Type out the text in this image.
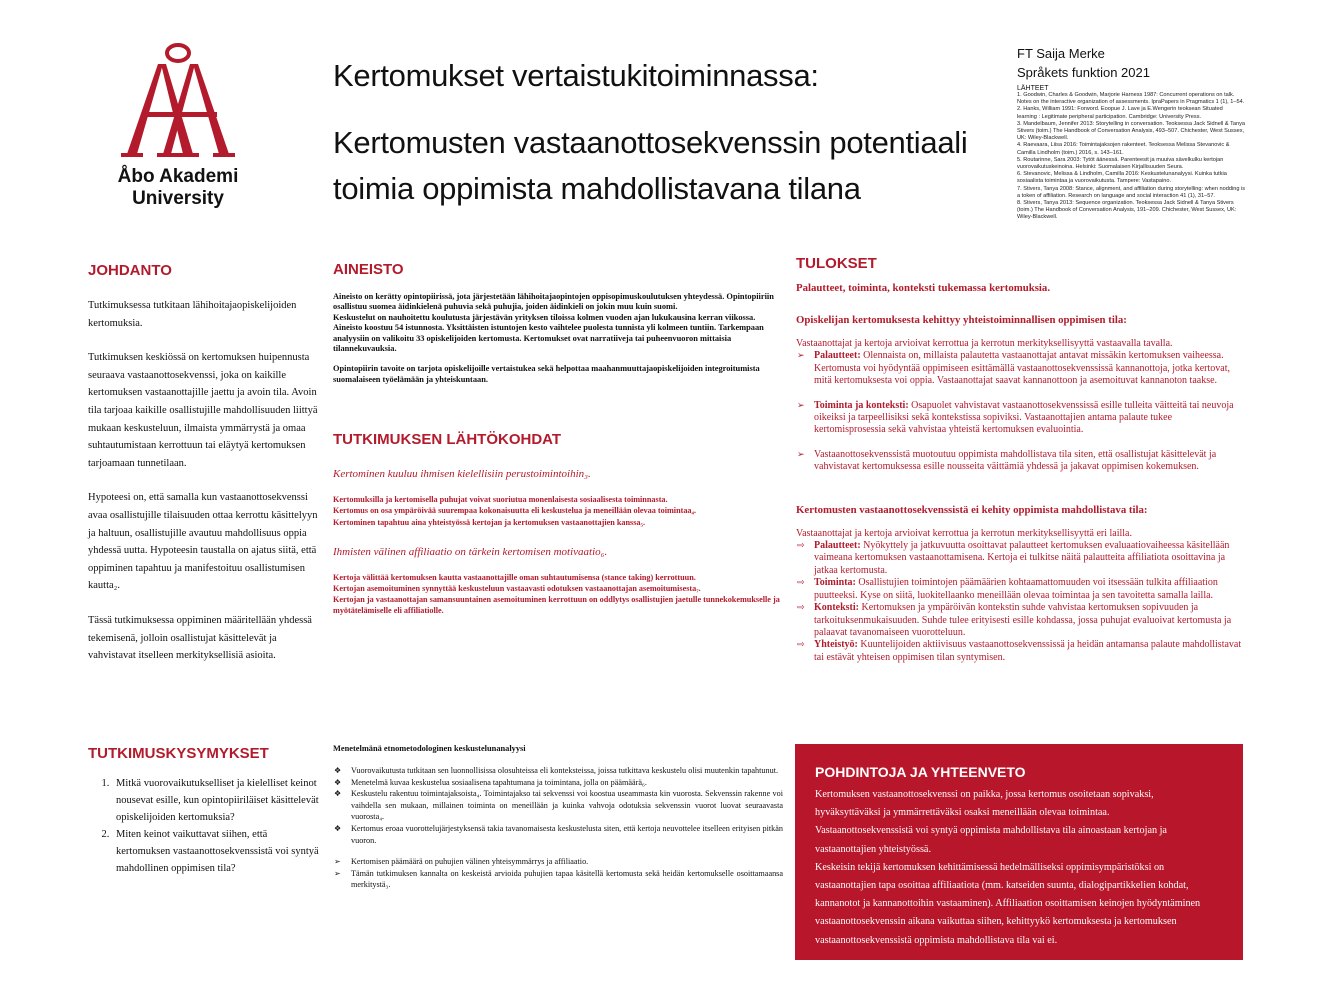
Åbo Akademi
University
Kertomukset vertaistukitoiminnassa:
Kertomusten vastaanottosekvenssin potentiaali
toimia oppimista mahdollistavana tilana
FT Saija Merke
Språkets funktion 2021
LÄHTEET
1. Goodwin, Charles & Goodwin, Marjorie Harness 1987: Concurrent operations on talk.
Notes on the interactive organization of assessments. IpraPapers in Pragmatics 1 (1), 1–54.
2. Hanks, William 1991: Forword. Eoopue J. Lave ja E.Wengerin teoksean Situated
learning : Legitimate peripheral participation. Cambridge: University Press.
3. Mandelbaum, Jennifer 2013: Storytelling in conversation. Teoksessa Jack Sidnell & Tanya
Stivers (toim.) The Handbook of Conversation Analysis, 493–507. Chichester, West Sussex,
UK: Wiley-Blackwell.
4. Raevaara, Liisa 2016: Toimintajaksojen rakenteet. Teoksessa Melissa Stevanovic &
Camilla Lindholm (toim.) 2016, s. 143–161.
5. Routarinne, Sara 2003: Tytöt äänessä. Parenteesit ja muuiva sävelkulku kertojan
vuorovaikutuskeinoina. Helsinki: Suomalaisen Kirjallisuuden Seura.
6. Stevanovic, Melissa & Lindholm, Camilla 2016: Keskustelunanalyysi. Kuinka tutkia
sosiaalista toimintaa ja vuorovaikutusta. Tampere: Vastapaino.
7. Stivers, Tanya 2008: Stance, alignment, and affiliation during storytelling: when nodding is
a token of affiliation. Research on language and social interaction 41 (1), 31–57.
8. Stivers, Tanya 2013: Sequence organization. Teoksessa Jack Sidnell & Tanya Stivers
(toim.) The Handbook of Conversation Analysis, 191–209. Chichester, West Sussex, UK:
Wiley-Blackwell.
JOHDANTO

Tutkimuksessa tutkitaan lähihoitajaopiskelijoiden kertomuksia.

Tutkimuksen keskiössä on kertomuksen huipennusta seuraava vastaanottosekvenssi, joka on kaikille kertomuksen vastaanottajille jaettu ja avoin tila. Avoin tila tarjoaa kaikille osallistujille mahdollisuuden liittyä mukaan keskusteluun, ilmaista ymmärrystä ja omaa suhtautumistaan kerrottuun tai eläytyä kertomuksen tarjoamaan tunnetilaan.

Hypoteesi on, että samalla kun vastaanottosekvenssi avaa osallistujille tilaisuuden ottaa kerrottu käsittelyyn ja haltuun, osallistujille avautuu mahdollisuus oppia yhdessä uutta. Hypoteesin taustalla on ajatus siitä, että oppiminen tapahtuu ja manifestoituu osallistumisen kautta₂.

Tässä tutkimuksessa oppiminen määritellään yhdessä tekemisenä, jolloin osallistujat käsittelevät ja vahvistavat itselleen merkityksellisiä asioita.

TUTKIMUSKYSYMYKSET
1. Mitkä vuorovaikutukselliset ja kielelliset keinot nousevat esille, kun opintopiiriläiset käsittelevät opiskelijoiden kertomuksia?
2. Miten keinot vaikuttavat siihen, että kertomuksen vastaanottosekvenssistä voi syntyä mahdollinen oppimisen tila?
AINEISTO

Aineisto on kerätty opintopiirissä, jota järjestetään lähihoitajaopintojen oppisopimuskoulutuksen yhteydessä. Opintopiiriin osallistuu suomea äidinkielenä puhuvia sekä puhujia, joiden äidinkieli on jokin muu kuin suomi.

Keskustelut on nauhoitettu koulutusta järjestävän yrityksen tiloissa kolmen vuoden ajan lukukausina kerran viikossa. Aineisto koostuu 54 istunnosta. Yksittäisten istuntojen kesto vaihtelee puolesta tunnista yli kolmeen tuntiin. Tarkempaan analyysiin on valikoitu 33 opiskelijoiden kertomusta. Kertomukset ovat narratiiveja tai puheenvuoron mittaisia tilannekuvauksia.

Opintopiirin tavoite on tarjota opiskelijoille vertaistukea sekä helpottaa maahanmuuttajaopiskelijoiden integroitumista suomalaiseen työelämään ja yhteiskuntaan.

TUTKIMUKSEN LÄHTÖKOHDAT

Kertominen kuuluu ihmisen kielellisiin perustoimintoihin₃.

Kertomuksilla ja kertomisella puhujat voivat suoriutua monenlaisesta sosiaalisesta toiminnasta.

Kertomus on osa ympäröivää suurempaa kokonaisuutta eli keskustelua ja meneillään olevaa toimintaa₄.

Kertominen tapahtuu aina yhteistyössä kertojan ja kertomuksen vastaanottajien kanssa₅.

Ihmisten välinen affiliaatio on tärkein kertomisen motivaatio₆.

Kertoja välittää kertomuksen kautta vastaanottajille oman suhtautumisensa (stance taking) kerrottuun.

Kertojan asemoituminen synnyttää keskusteluun vastaavasti odotuksen vastaanottajan asemoitumisesta₇.

Kertojan ja vastaanottajan samansuuntainen asemoituminen kerrottuun on oddlytys osallistujien jaetulle tunnekokemukselle ja myötätelämiselle eli affiliatiolle.

Menetelmänä etnometodologinen keskustelunanalyysi
❖ Vuorovaikutusta tutkitaan sen luonnollisissa olosuhteissa eli konteksteissa, joissa tutkittava keskustelu olisi muutenkin tapahtunut.
❖ Menetelmä kuvaa keskustelua sosiaalisena tapahtumana ja toimintana, jolla on päämäärä₆.
❖ Keskustelu rakentuu toimintajaksoista₄. Toimintajakso tai sekvenssi voi koostua useammasta kin vuorosta. Sekvenssin rakenne voi vaihdella sen mukaan, millainen toiminta on meneillään ja kuinka vahvoja odotuksia sekvenssin vuorot luovat seuraavasta vuorosta₄.
❖ Kertomus eroaa vuorottelujärjestyksensä takia tavanomaisesta keskustelusta siten, että kertoja neuvottelee itselleen erityisen pitkän vuoron.
➢ Kertomisen päämäärä on puhujien välinen yhteisymmärrys ja affiliaatio.
➢ Tämän tutkimuksen kannalta on keskeistä arvioida puhujien tapaa käsitellä kertomusta sekä heidän kertomukselle osoittamaansa merkitystä₃.
TULOKSET

Palautteet, toiminta, konteksti tukemassa kertomuksia.

Opiskelijan kertomuksesta kehittyy yhteistoiminnallisen oppimisen tila:

Vastaanottajat ja kertoja arvioivat kerrottua ja kerrotun merkityksellisyyttä vastaavalla tavalla.

➢ Palautteet: Olennaista on, millaista palautetta vastaanottajat antavat missäkin kertomuksen vaiheessa. Kertomusta voi hyödyntää oppimiseen esittämällä vastaanottosekvenssissä kannanottoja, jotka kertovat, mitä kertomuksesta voi oppia. Vastaanottajat saavat kannanottoon ja asemoituvat kannanoton taakse.
➢ Toiminta ja konteksti: Osapuolet vahvistavat vastaanottosekvenssissä esille tulleita väitteitä tai neuvoja oikeiksi ja tarpeellisiksi sekä kontekstissa sopiviksi. Vastaanottajien antama palaute tukee kertomisprosessia sekä vahvistaa yhteistä kertomuksen evaluointia.
➢ Vastaanottosekvenssistä muotoutuu oppimista mahdollistava tila siten, että osallistujat käsittelevät ja vahvistavat kertomuksessa esille nousseita väittämiä yhdessä ja jakavat oppimisen kokemuksen.

Kertomusten vastaanottosekvenssistä ei kehity oppimista mahdollistava tila:

Vastaanottajat ja kertoja arvioivat kerrottua ja kerrotun merkityksellisyyttä eri lailla.

⇨ Palautteet: Nyökyttely ja jatkuvuutta osoittavat palautteet kertomuksen evaluaatiovaiheessa käsitellään vaimeana kertomuksen vastaanottamisena. Kertoja ei tulkitse näitä palautteita affiliatiota osoittavina ja jatkaa kertomusta.
⇨ Toiminta: Osallistujien toimintojen päämäärien kohtaamattomuuden voi itsessään tulkita affiliaation puutteeksi. Kyse on siitä, luokitellaanko meneillään olevaa toimintaa ja sen tavoitetta samalla lailla.
⇨ Konteksti: Kertomuksen ja ympäröivän kontekstin suhde vahvistaa kertomuksen sopivuuden ja tarkoituksenmukaisuuden. Suhde tulee erityisesti esille kohdassa, jossa puhujat evaluoivat kertomusta ja palaavat tavanomaiseen vuorotteluun.
⇨ Yhteistyö: Kuuntelijoiden aktiivisuus vastaanottosekvenssissä ja heidän antamansa palaute mahdollistavat tai estävät yhteisen oppimisen tilan syntymisen.
POHDINTOJA JA YHTEENVETO

Kertomuksen vastaanottosekvenssi on paikka, jossa kertomus osoitetaan sopivaksi, hyväksyttäväksi ja ymmärrettäväksi osaksi meneillään olevaa toimintaa.

Vastaanottosekvenssistä voi syntyä oppimista mahdollistava tila ainoastaan kertojan ja vastaanottajien yhteistyössä.

Keskeisin tekijä kertomuksen kehittämisessä hedelmälliseksi oppimisympäristöksi on vastaanottajien tapa osoittaa affiliaatiota (mm. katseiden suunta, dialogipartikkelien kohdat, kannanotot ja kannanottoihin vastaaminen). Affiliaation osoittamisen keinojen hyödyntäminen vastaanottosekvenssin aikana vaikuttaa siihen, kehittyykö kertomuksesta ja kertomuksen vastaanottosekvenssistä oppimista mahdollistava tila vai ei.
